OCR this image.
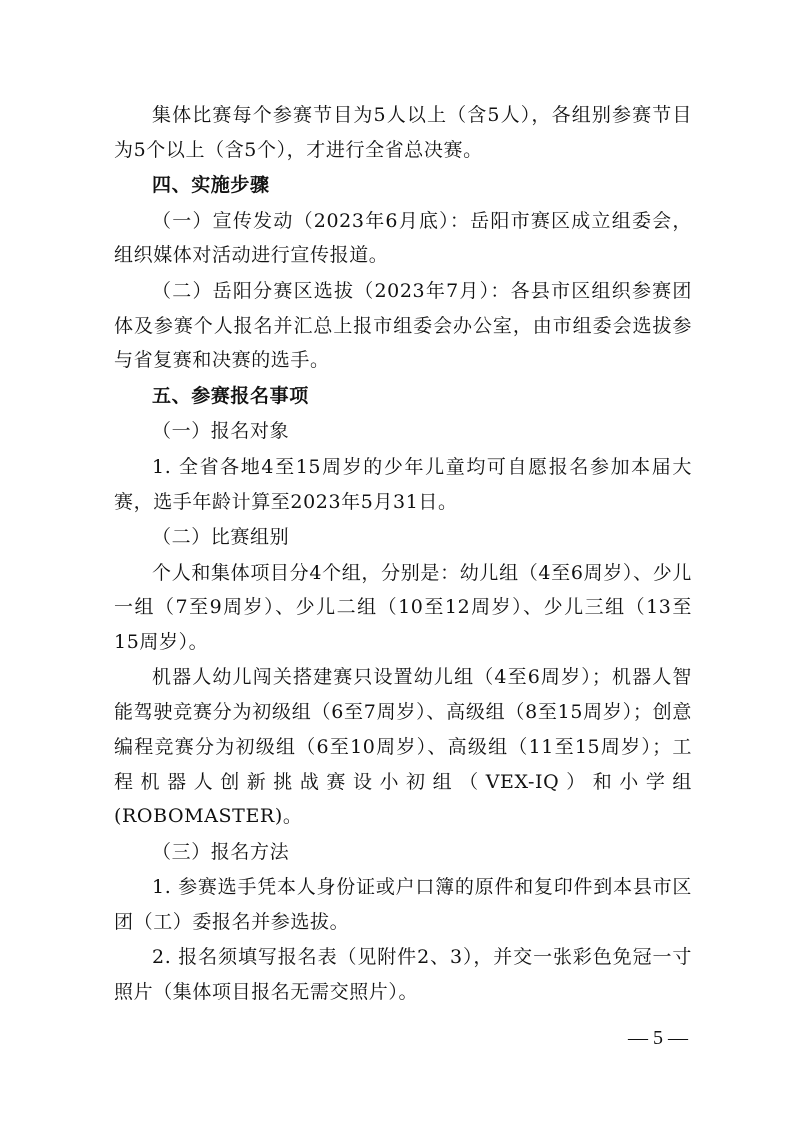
集体比赛每个参赛节目为5人以上（含5人），各组别参赛节目为5个以上（含5个），才进行全省总决赛。

四、实施步骤

（一）宣传发动（2023年6月底）：岳阳市赛区成立组委会，组织媒体对活动进行宣传报道。

（二）岳阳分赛区选拔（2023年7月）：各县市区组织参赛团体及参赛个人报名并汇总上报市组委会办公室，由市组委会选拔参与省复赛和决赛的选手。

五、参赛报名事项

（一）报名对象

1. 全省各地4至15周岁的少年儿童均可自愿报名参加本届大赛，选手年龄计算至2023年5月31日。

（二）比赛组别

个人和集体项目分4个组，分别是：幼儿组（4至6周岁）、少儿一组（7至9周岁）、少儿二组（10至12周岁）、少儿三组（13至15周岁）。

机器人幼儿闯关搭建赛只设置幼儿组（4至6周岁）；机器人智能驾驶竞赛分为初级组（6至7周岁）、高级组（8至15周岁）；创意编程竞赛分为初级组（6至10周岁）、高级组（11至15周岁）；工程机器人创新挑战赛设小初组（VEX-IQ）和小学组(ROBOMASTER)。

（三）报名方法

1. 参赛选手凭本人身份证或户口簿的原件和复印件到本县市区团（工）委报名并参选拔。

2. 报名须填写报名表（见附件2、3），并交一张彩色免冠一寸照片（集体项目报名无需交照片）。

— 5 —
